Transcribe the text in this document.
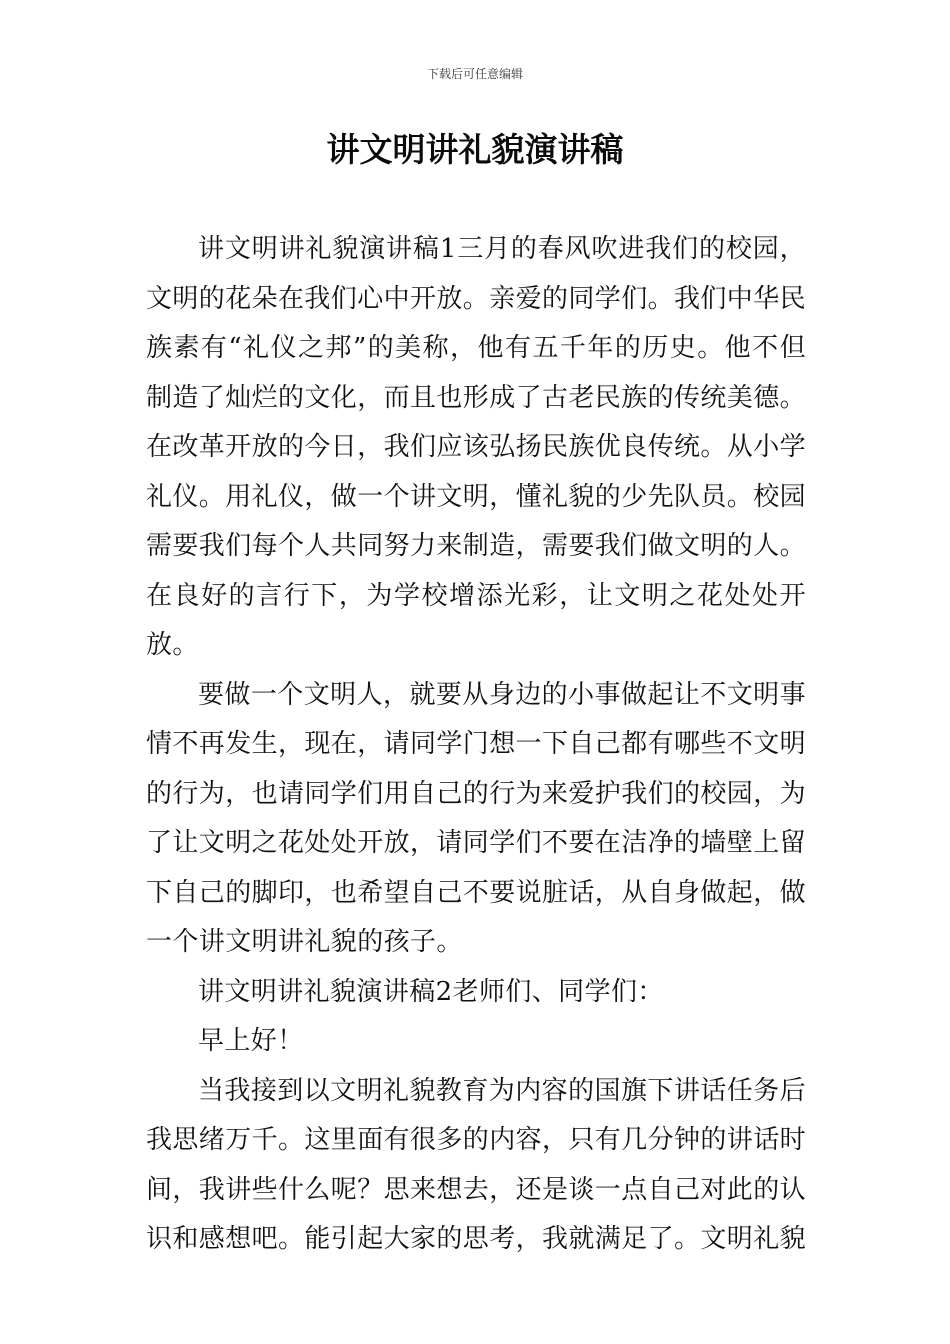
下载后可任意编辑
讲文明讲礼貌演讲稿

讲文明讲礼貌演讲稿1三月的春风吹进我们的校园，文明的花朵在我们心中开放。亲爱的同学们。我们中华民族素有“礼仪之邦”的美称，他有五千年的历史。他不但制造了灿烂的文化，而且也形成了古老民族的传统美德。在改革开放的今日，我们应该弘扬民族优良传统。从小学礼仪。用礼仪，做一个讲文明，懂礼貌的少先队员。校园需要我们每个人共同努力来制造，需要我们做文明的人。在良好的言行下，为学校增添光彩，让文明之花处处开放。

要做一个文明人，就要从身边的小事做起让不文明事情不再发生，现在，请同学门想一下自己都有哪些不文明的行为，也请同学们用自己的行为来爱护我们的校园，为了让文明之花处处开放，请同学们不要在洁净的墙壁上留下自己的脚印，也希望自己不要说脏话，从自身做起，做一个讲文明讲礼貌的孩子。

讲文明讲礼貌演讲稿2老师们、同学们：

早上好！

当我接到以文明礼貌教育为内容的国旗下讲话任务后我思绪万千。这里面有很多的内容，只有几分钟的讲话时间，我讲些什么呢？思来想去，还是谈一点自己对此的认识和感想吧。能引起大家的思考，我就满足了。文明礼貌
